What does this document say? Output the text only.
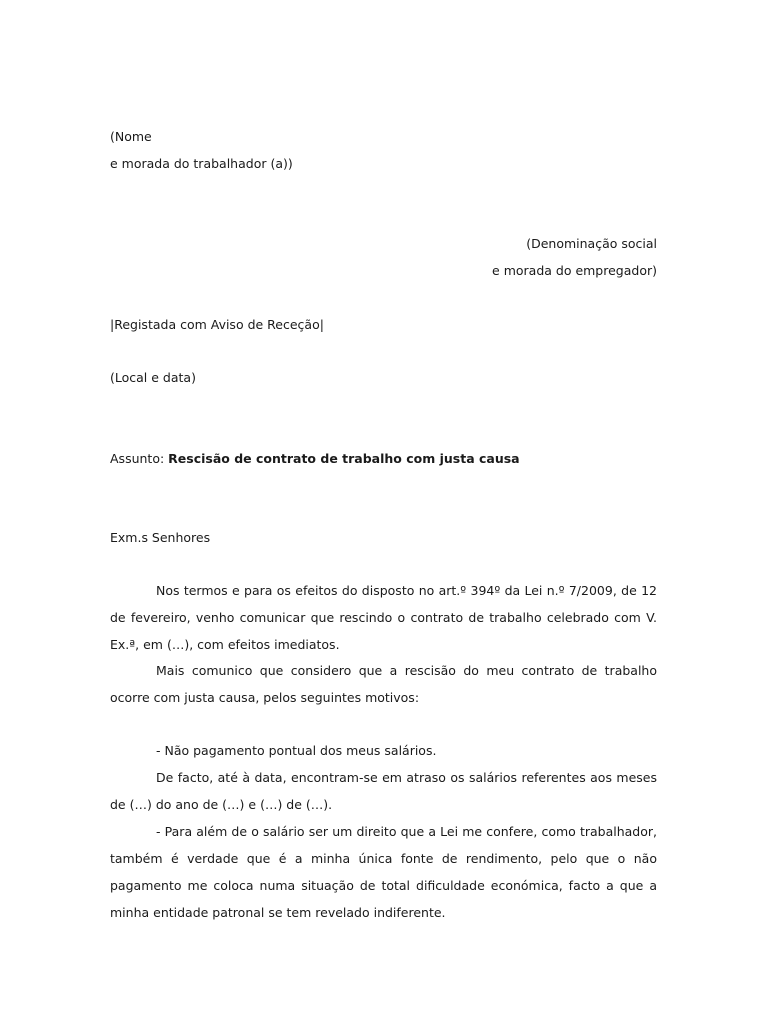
(Nome
e morada do trabalhador (a))
(Denominação social
e morada do empregador)
|Registada com Aviso de Receção|
(Local e data)
Assunto: Rescisão de contrato de trabalho com justa causa
Exm.s Senhores
Nos termos e para os efeitos do disposto no art.º 394º da Lei n.º 7/2009, de 12
de fevereiro, venho comunicar que rescindo o contrato de trabalho celebrado com V.
Ex.ª, em (…), com efeitos imediatos.
Mais comunico que considero que a rescisão do meu contrato de trabalho
ocorre com justa causa, pelos seguintes motivos:
- Não pagamento pontual dos meus salários.
De facto, até à data, encontram-se em atraso os salários referentes aos meses
de (…) do ano de (…) e (…) de (…).
- Para além de o salário ser um direito que a Lei me confere, como trabalhador,
também é verdade que é a minha única fonte de rendimento, pelo que o não
pagamento me coloca numa situação de total dificuldade económica, facto a que a
minha entidade patronal se tem revelado indiferente.
